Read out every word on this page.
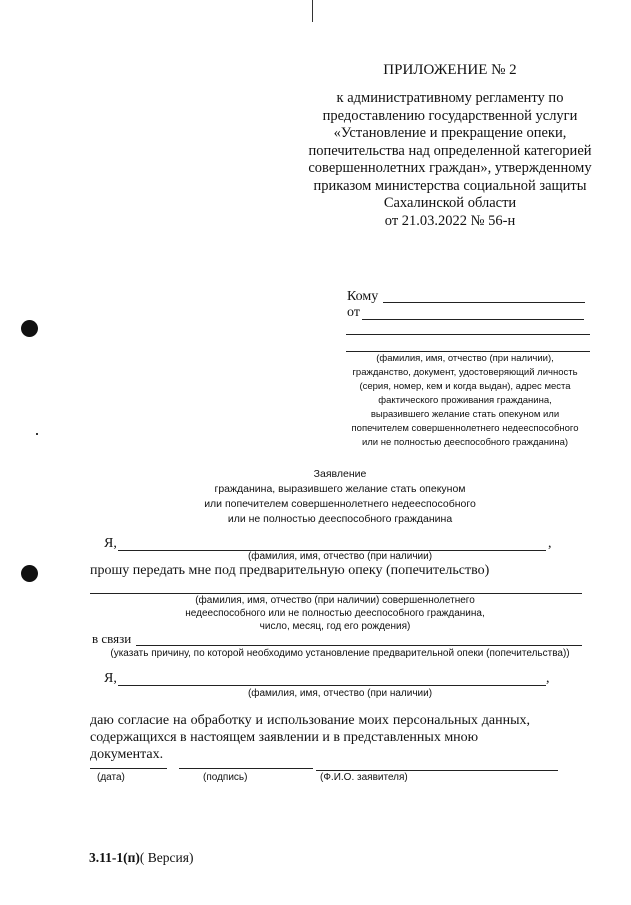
ПРИЛОЖЕНИЕ № 2
к административному регламенту по
предоставлению государственной услуги
«Установление и прекращение опеки,
попечительства над определенной категорией
совершеннолетних граждан», утвержденному
приказом министерства социальной защиты
Сахалинской области
от 21.03.2022 № 56-н
Кому
от
(фамилия, имя, отчество (при наличии),
гражданство, документ, удостоверяющий личность
(серия, номер, кем и когда выдан), адрес места
фактического проживания гражданина,
выразившего желание стать опекуном или
попечителем совершеннолетнего недееспособного
или не полностью дееспособного гражданина)
Заявление
гражданина, выразившего желание стать опекуном
или попечителем совершеннолетнего недееспособного
или не полностью дееспособного гражданина
Я,	,
(фамилия, имя, отчество (при наличии)
прошу передать мне под предварительную опеку (попечительство)
(фамилия, имя, отчество (при наличии) совершеннолетнего
недееспособного или не полностью дееспособного гражданина,
число, месяц, год его рождения)
в связи
(указать причину, по которой необходимо установление предварительной опеки (попечительства))
Я,	,
(фамилия, имя, отчество (при наличии)
даю согласие на обработку и использование моих персональных данных,
содержащихся в настоящем заявлении и в представленных мною документах.
(дата)	(подпись)	(Ф.И.О. заявителя)
3.11-1(п)( Версия)
